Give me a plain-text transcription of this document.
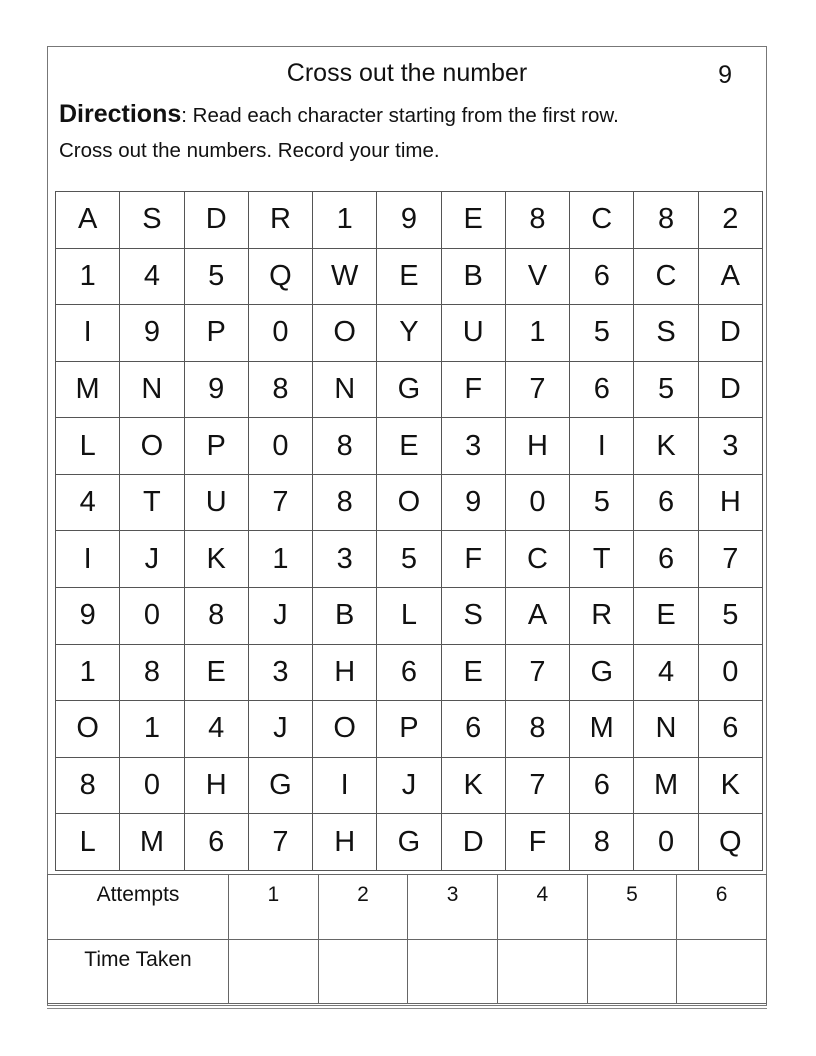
Cross out the number	9
Directions: Read each character starting from the first row.
Cross out the numbers. Record your time.
A	S	D	R	1	9	E	8	C	8	2
1	4	5	Q	W	E	B	V	6	C	A
I	9	P	0	O	Y	U	1	5	S	D
M	N	9	8	N	G	F	7	6	5	D
L	O	P	0	8	E	3	H	I	K	3
4	T	U	7	8	O	9	0	5	6	H
I	J	K	1	3	5	F	C	T	6	7
9	0	8	J	B	L	S	A	R	E	5
1	8	E	3	H	6	E	7	G	4	0
O	1	4	J	O	P	6	8	M	N	6
8	0	H	G	I	J	K	7	6	M	K
L	M	6	7	H	G	D	F	8	0	Q
Attempts	1	2	3	4	5	6
Time Taken						
